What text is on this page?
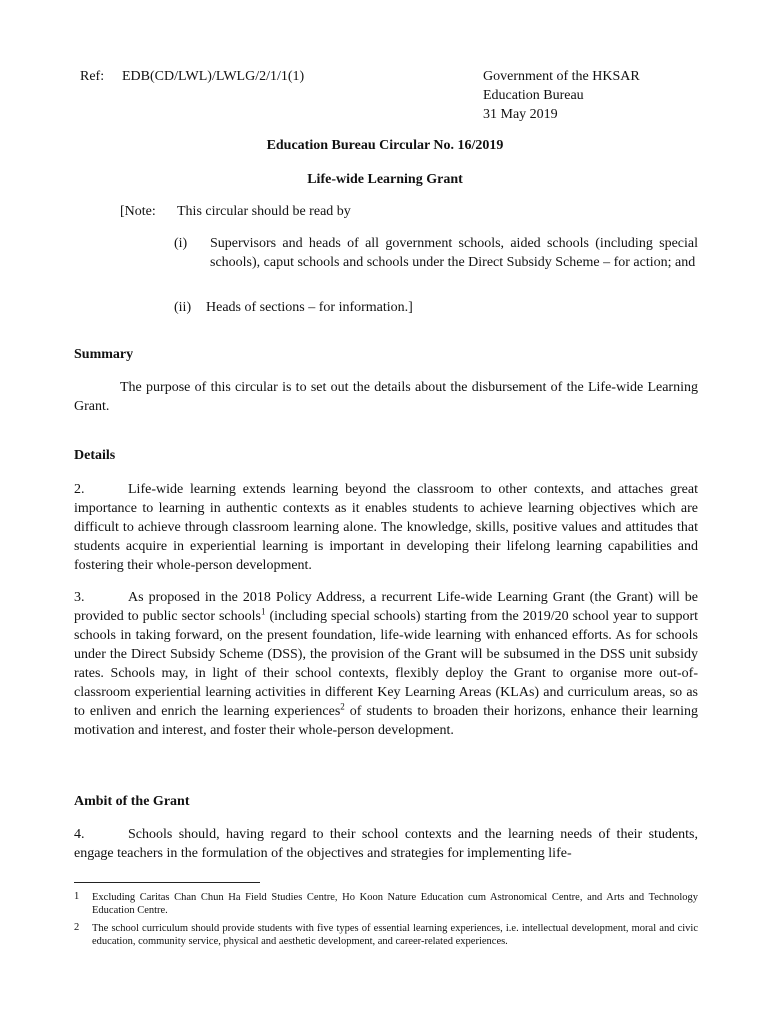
Ref: EDB(CD/LWL)/LWLG/2/1/1(1)	Government of the HKSAR
Education Bureau
31 May 2019
Education Bureau Circular No. 16/2019
Life-wide Learning Grant
[Note: This circular should be read by
(i) Supervisors and heads of all government schools, aided schools (including special schools), caput schools and schools under the Direct Subsidy Scheme – for action; and
(ii) Heads of sections – for information.]
Summary
The purpose of this circular is to set out the details about the disbursement of the Life-wide Learning Grant.
Details
2.	Life-wide learning extends learning beyond the classroom to other contexts, and attaches great importance to learning in authentic contexts as it enables students to achieve learning objectives which are difficult to achieve through classroom learning alone. The knowledge, skills, positive values and attitudes that students acquire in experiential learning is important in developing their lifelong learning capabilities and fostering their whole-person development.
3.	As proposed in the 2018 Policy Address, a recurrent Life-wide Learning Grant (the Grant) will be provided to public sector schools$^1$ (including special schools) starting from the 2019/20 school year to support schools in taking forward, on the present foundation, life-wide learning with enhanced efforts. As for schools under the Direct Subsidy Scheme (DSS), the provision of the Grant will be subsumed in the DSS unit subsidy rates. Schools may, in light of their school contexts, flexibly deploy the Grant to organise more out-of-classroom experiential learning activities in different Key Learning Areas (KLAs) and curriculum areas, so as to enliven and enrich the learning experiences$^2$ of students to broaden their horizons, enhance their learning motivation and interest, and foster their whole-person development.
Ambit of the Grant
4.	Schools should, having regard to their school contexts and the learning needs of their students, engage teachers in the formulation of the objectives and strategies for implementing life-
1 Excluding Caritas Chan Chun Ha Field Studies Centre, Ho Koon Nature Education cum Astronomical Centre, and Arts and Technology Education Centre.
2 The school curriculum should provide students with five types of essential learning experiences, i.e. intellectual development, moral and civic education, community service, physical and aesthetic development, and career-related experiences.
